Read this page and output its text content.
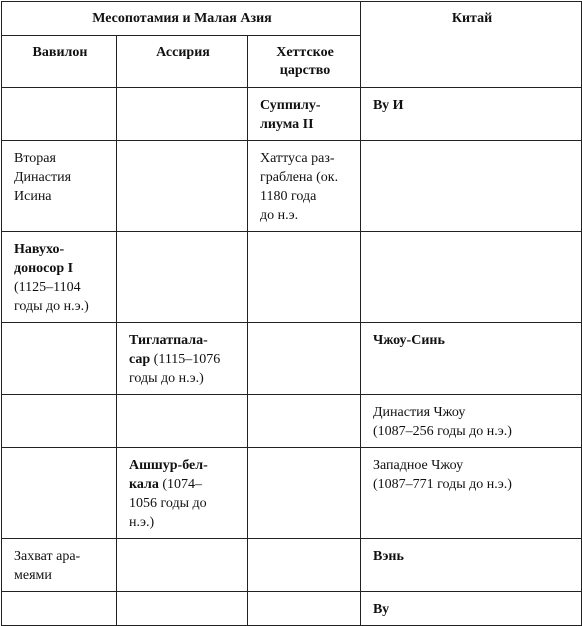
Месопотамия и Малая Азия			Китай
Вавилон	Ассирия	Хеттское
царство	

		Суппилу-
лиума II	Ву И

Вторая
Династия
Исина		Хаттуса раз-
граблена (ок.
1180 года
до н.э.	

Навухо-
доносор I
(1125–1104
годы до н.э.)			

	Тиглатпала-
сар (1115–1076
годы до н.э.)		Чжоу-Синь

			Династия Чжоу
(1087–256 годы до н.э.)

	Ашшур-бел-
кала (1074–
1056 годы до
н.э.)		Западное Чжоу
(1087–771 годы до н.э.)

Захват ара-
меями			Вэнь

			Ву
